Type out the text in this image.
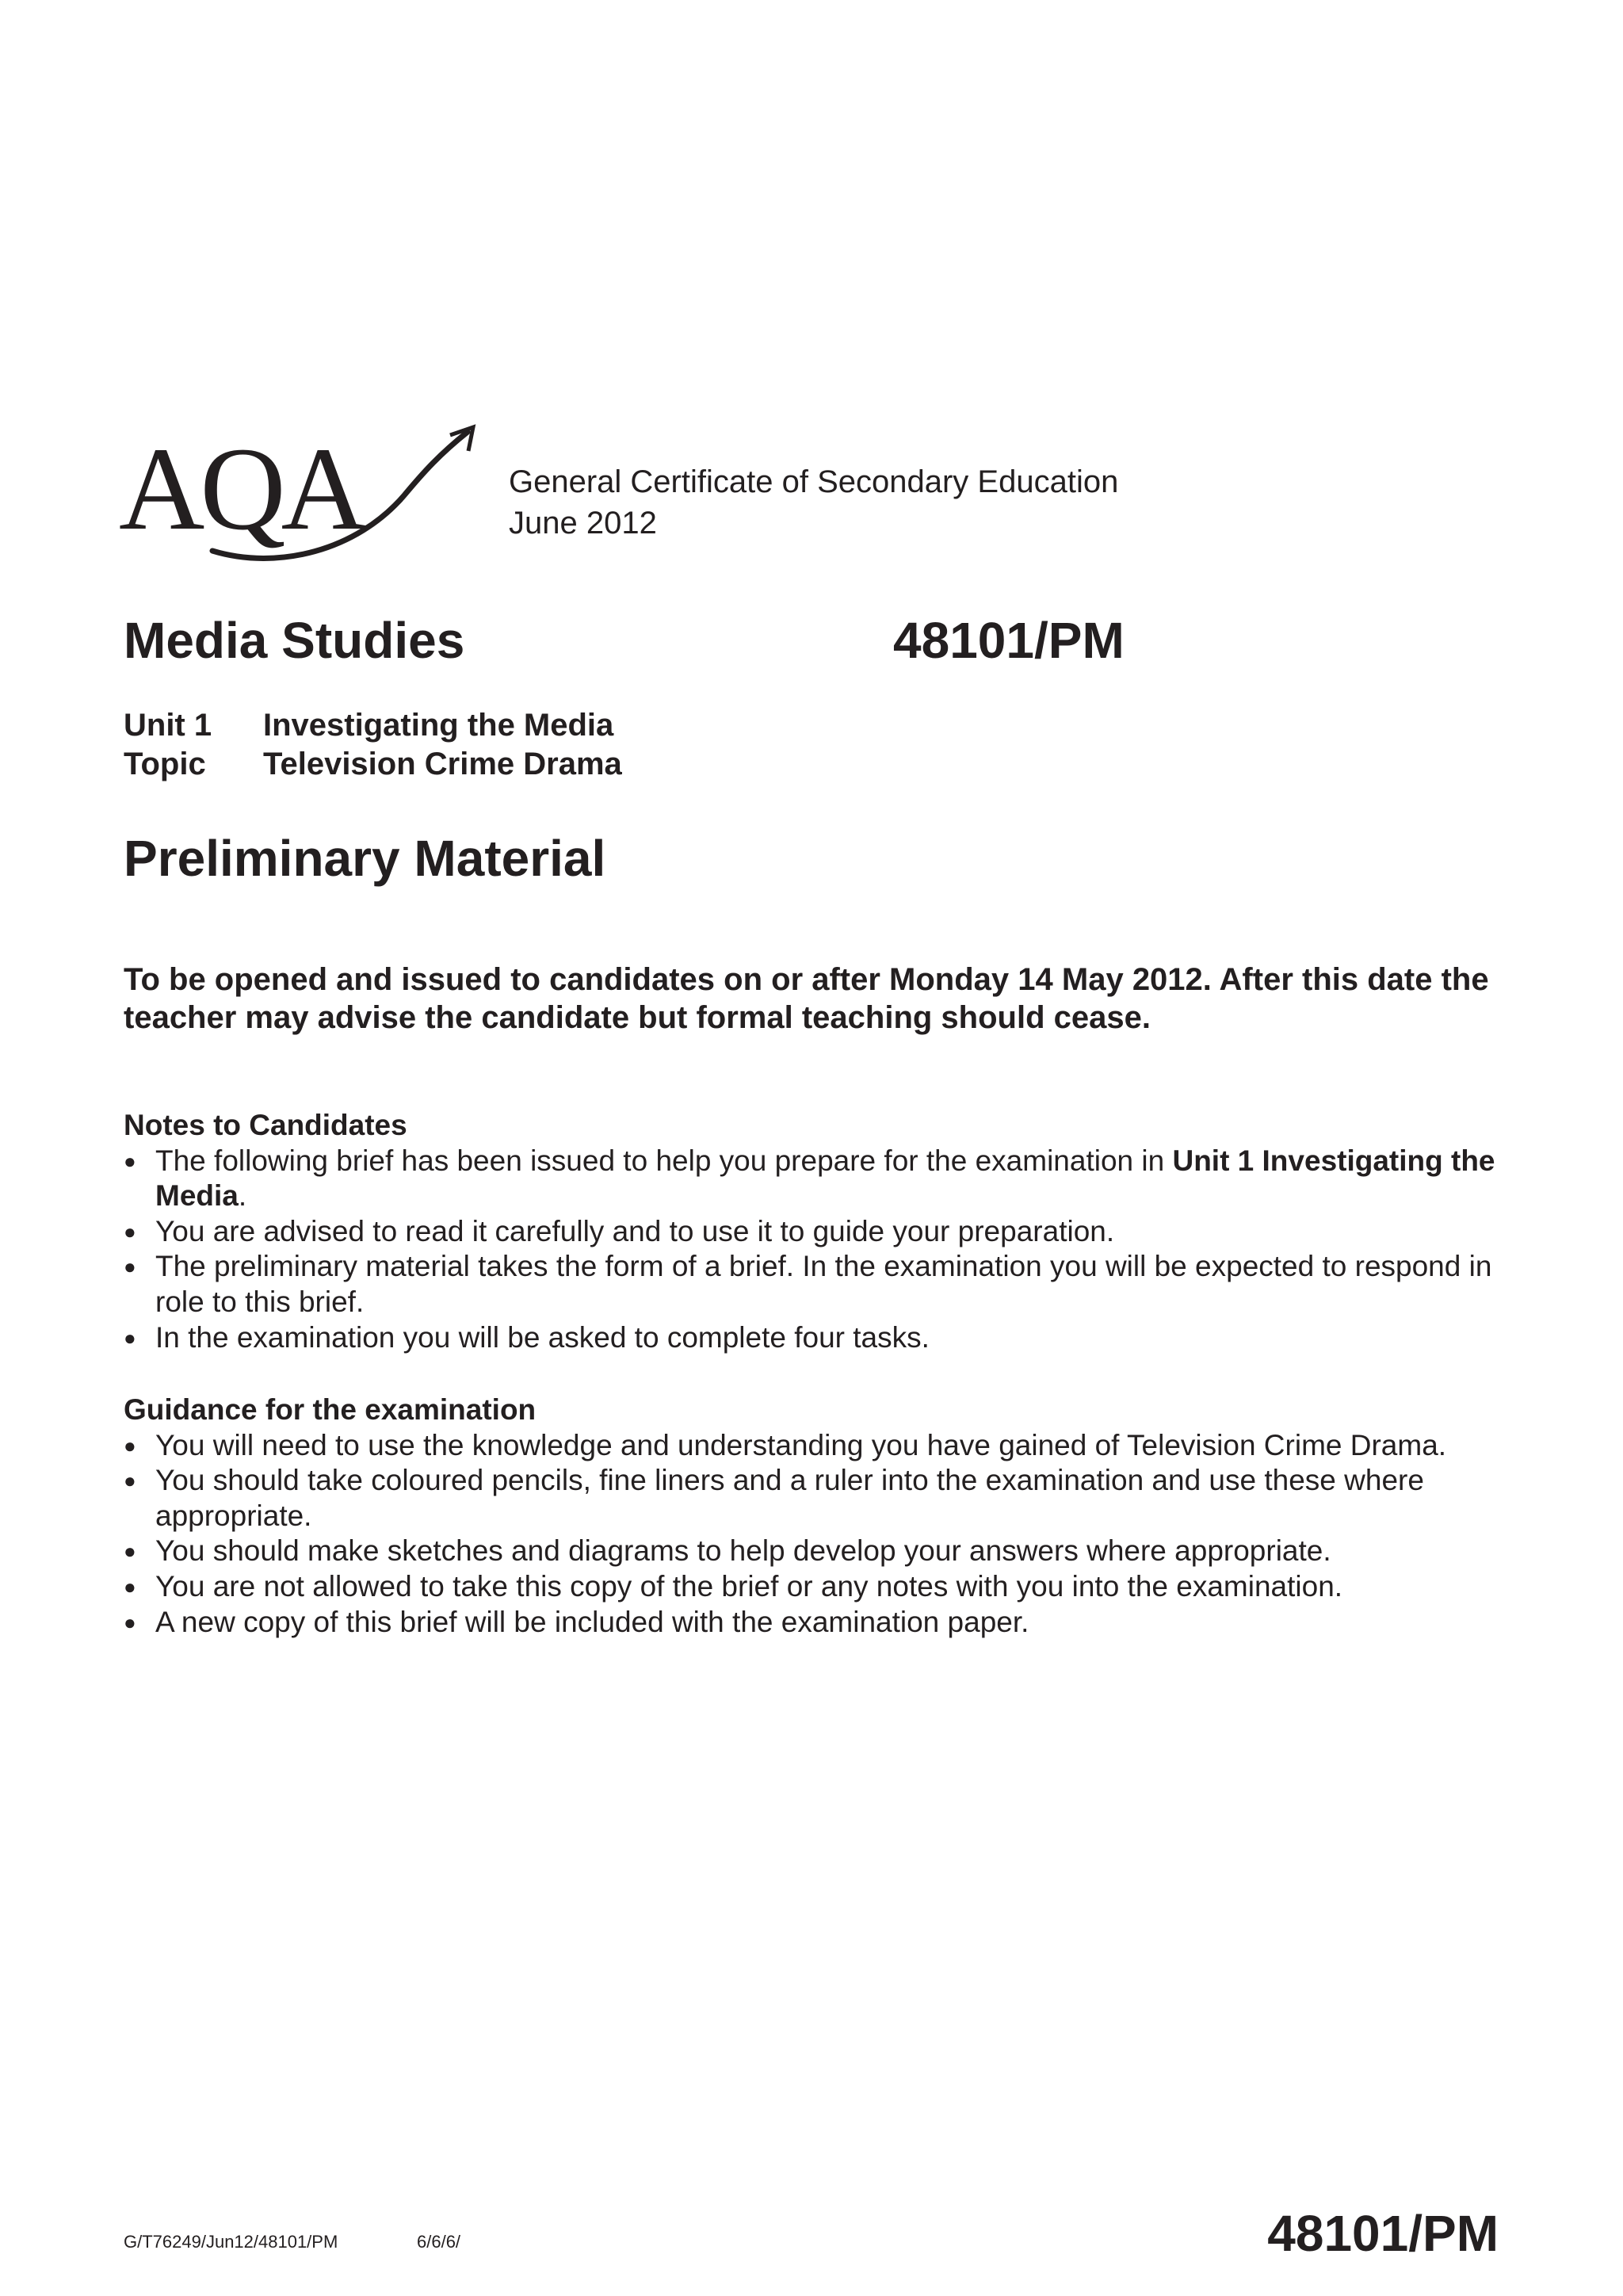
AQA	General Certificate of Secondary Education
June 2012
Media Studies	48101/PM
Unit 1 Investigating the Media
Topic Television Crime Drama
Preliminary Material
To be opened and issued to candidates on or after Monday 14 May 2012. After this date the teacher may advise the candidate but formal teaching should cease.
Notes to Candidates
● The following brief has been issued to help you prepare for the examination in Unit 1 Investigating the Media.
● You are advised to read it carefully and to use it to guide your preparation.
● The preliminary material takes the form of a brief. In the examination you will be expected to respond in role to this brief.
● In the examination you will be asked to complete four tasks.
Guidance for the examination
● You will need to use the knowledge and understanding you have gained of Television Crime Drama.
● You should take coloured pencils, fine liners and a ruler into the examination and use these where appropriate.
● You should make sketches and diagrams to help develop your answers where appropriate.
● You are not allowed to take this copy of the brief or any notes with you into the examination.
● A new copy of this brief will be included with the examination paper.
G/T76249/Jun12/48101/PM	6/6/6/	48101/PM
